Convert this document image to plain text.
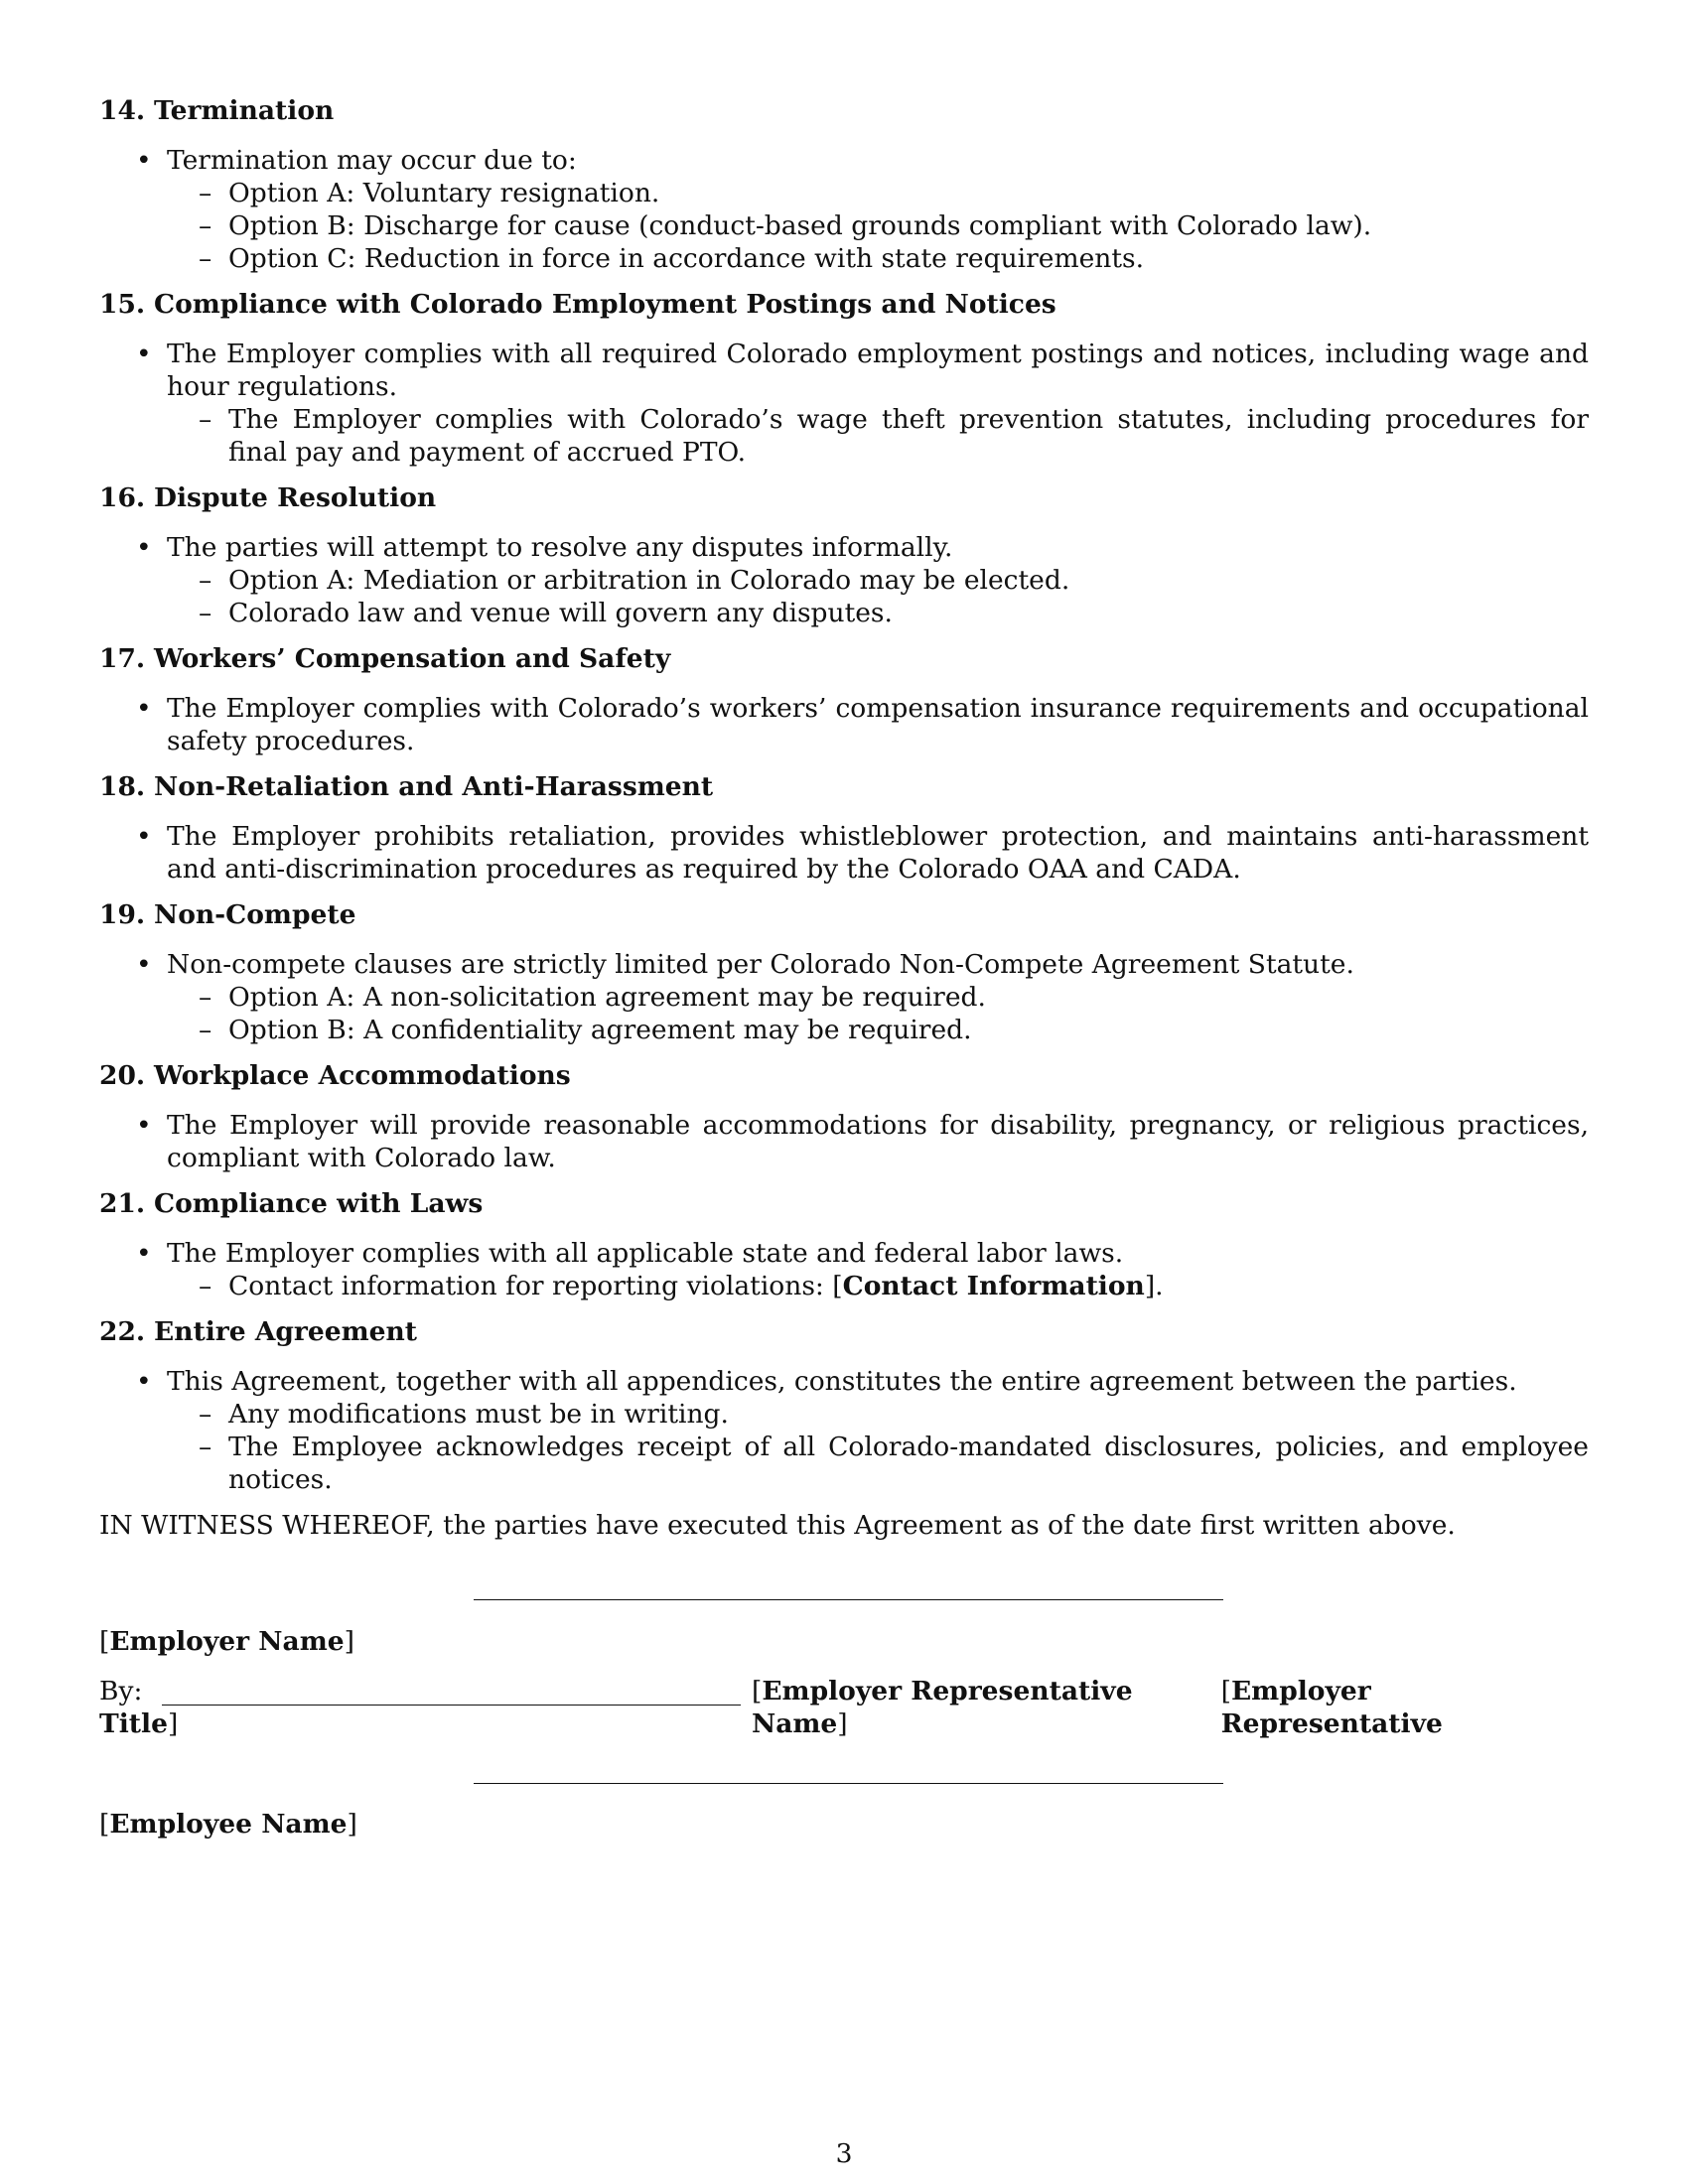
14. Termination
• Termination may occur due to:
– Option A: Voluntary resignation.
– Option B: Discharge for cause (conduct-based grounds compliant with Colorado law).
– Option C: Reduction in force in accordance with state requirements.
15. Compliance with Colorado Employment Postings and Notices
• The Employer complies with all required Colorado employment postings and notices, including wage and hour regulations.
– The Employer complies with Colorado’s wage theft prevention statutes, including procedures for final pay and payment of accrued PTO.
16. Dispute Resolution
• The parties will attempt to resolve any disputes informally.
– Option A: Mediation or arbitration in Colorado may be elected.
– Colorado law and venue will govern any disputes.
17. Workers’ Compensation and Safety
• The Employer complies with Colorado’s workers’ compensation insurance requirements and occupational safety procedures.
18. Non-Retaliation and Anti-Harassment
• The Employer prohibits retaliation, provides whistleblower protection, and maintains anti-harassment and anti-discrimination procedures as required by the Colorado OAA and CADA.
19. Non-Compete
• Non-compete clauses are strictly limited per Colorado Non-Compete Agreement Statute.
– Option A: A non-solicitation agreement may be required.
– Option B: A confidentiality agreement may be required.
20. Workplace Accommodations
• The Employer will provide reasonable accommodations for disability, pregnancy, or religious practices, compliant with Colorado law.
21. Compliance with Laws
• The Employer complies with all applicable state and federal labor laws.
– Contact information for reporting violations: [Contact Information].
22. Entire Agreement
• This Agreement, together with all appendices, constitutes the entire agreement between the parties.
– Any modifications must be in writing.
– The Employee acknowledges receipt of all Colorado-mandated disclosures, policies, and employee notices.
IN WITNESS WHEREOF, the parties have executed this Agreement as of the date first written above.
[Employer Name]
By:	[Employer Representative Name]
[Employer Representative
Title]
[Employee Name]
3
